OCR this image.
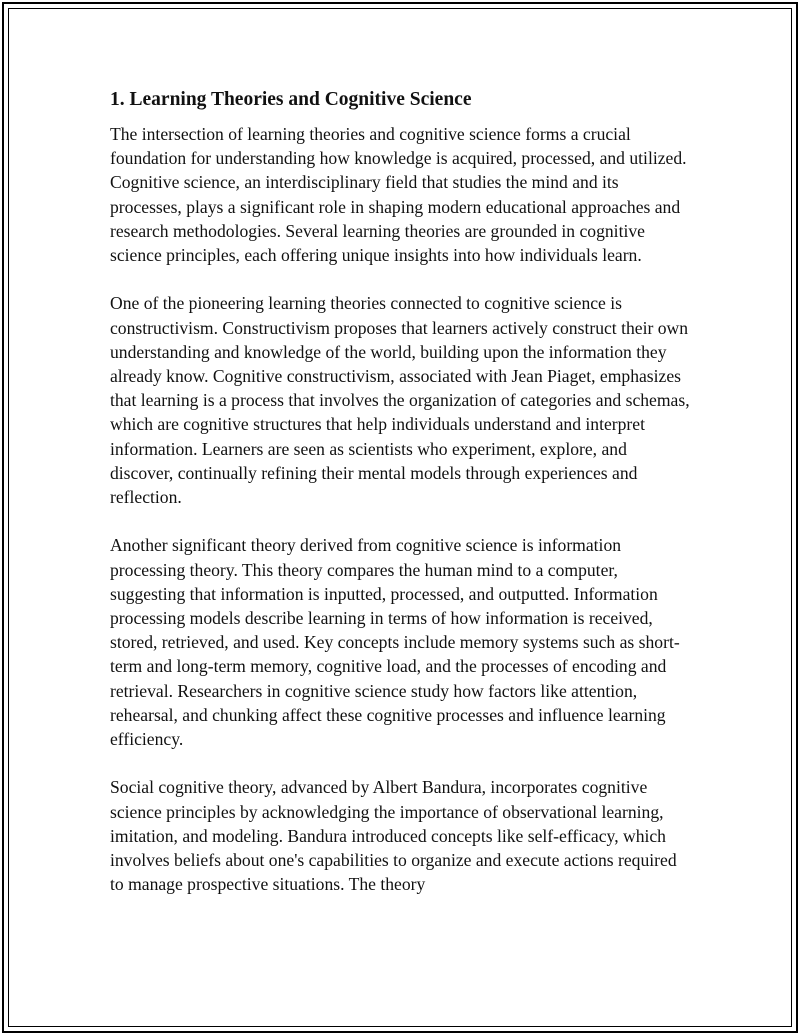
1. Learning Theories and Cognitive Science

The intersection of learning theories and cognitive science forms a crucial foundation for understanding how knowledge is acquired, processed, and utilized. Cognitive science, an interdisciplinary field that studies the mind and its processes, plays a significant role in shaping modern educational approaches and research methodologies. Several learning theories are grounded in cognitive science principles, each offering unique insights into how individuals learn.

One of the pioneering learning theories connected to cognitive science is constructivism. Constructivism proposes that learners actively construct their own understanding and knowledge of the world, building upon the information they already know. Cognitive constructivism, associated with Jean Piaget, emphasizes that learning is a process that involves the organization of categories and schemas, which are cognitive structures that help individuals understand and interpret information. Learners are seen as scientists who experiment, explore, and discover, continually refining their mental models through experiences and reflection.

Another significant theory derived from cognitive science is information processing theory. This theory compares the human mind to a computer, suggesting that information is inputted, processed, and outputted. Information processing models describe learning in terms of how information is received, stored, retrieved, and used. Key concepts include memory systems such as short-term and long-term memory, cognitive load, and the processes of encoding and retrieval. Researchers in cognitive science study how factors like attention, rehearsal, and chunking affect these cognitive processes and influence learning efficiency.

Social cognitive theory, advanced by Albert Bandura, incorporates cognitive science principles by acknowledging the importance of observational learning, imitation, and modeling. Bandura introduced concepts like self-efficacy, which involves beliefs about one's capabilities to organize and execute actions required to manage prospective situations. The theory
